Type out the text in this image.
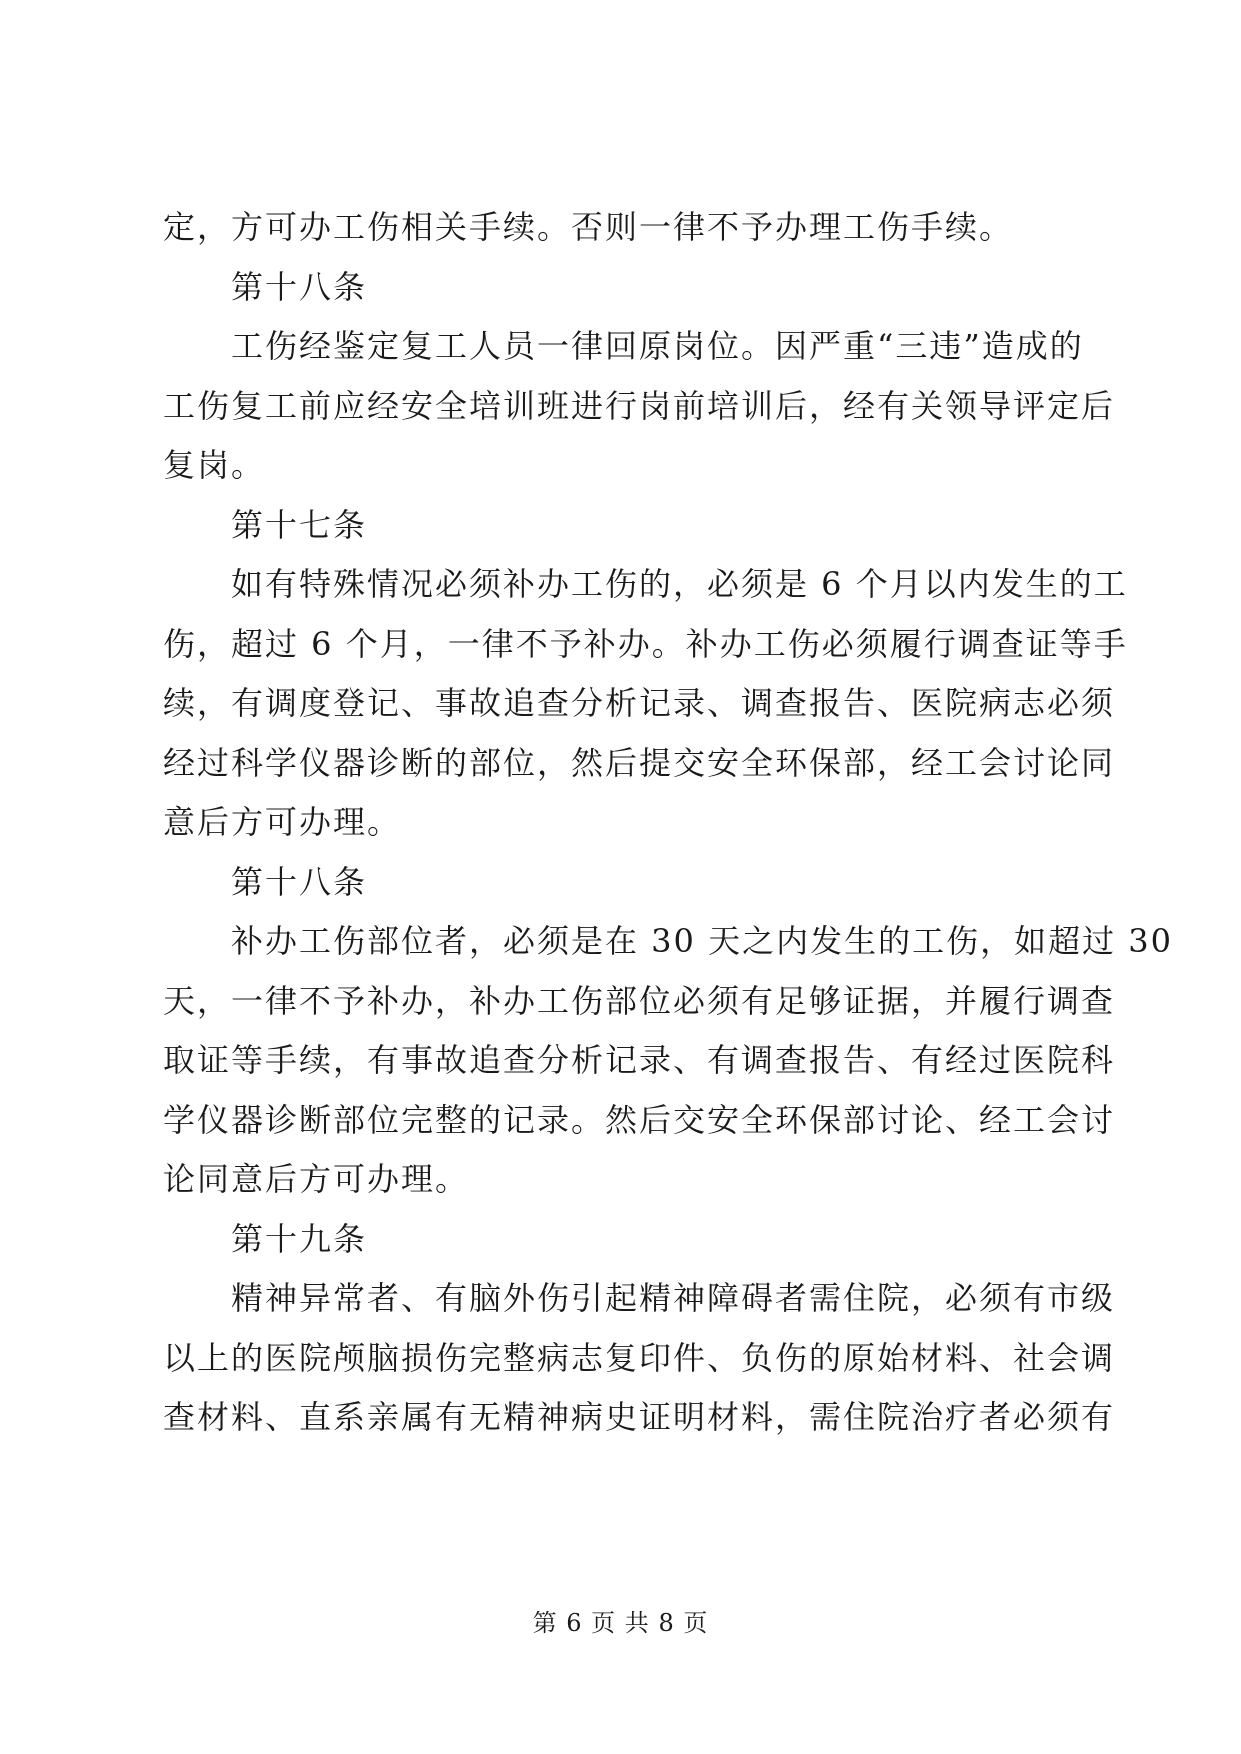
定，方可办工伤相关手续。否则一律不予办理工伤手续。
第十八条
工伤经鉴定复工人员一律回原岗位。因严重“三违”造成的
工伤复工前应经安全培训班进行岗前培训后，经有关领导评定后
复岗。
第十七条
如有特殊情况必须补办工伤的，必须是 6 个月以内发生的工
伤，超过 6 个月，一律不予补办。补办工伤必须履行调查证等手
续，有调度登记、事故追查分析记录、调查报告、医院病志必须
经过科学仪器诊断的部位，然后提交安全环保部，经工会讨论同
意后方可办理。
第十八条
补办工伤部位者，必须是在 30 天之内发生的工伤，如超过 30
天，一律不予补办，补办工伤部位必须有足够证据，并履行调查
取证等手续，有事故追查分析记录、有调查报告、有经过医院科
学仪器诊断部位完整的记录。然后交安全环保部讨论、经工会讨
论同意后方可办理。
第十九条
精神异常者、有脑外伤引起精神障碍者需住院，必须有市级
以上的医院颅脑损伤完整病志复印件、负伤的原始材料、社会调
查材料、直系亲属有无精神病史证明材料，需住院治疗者必须有
第 6 页 共 8 页
